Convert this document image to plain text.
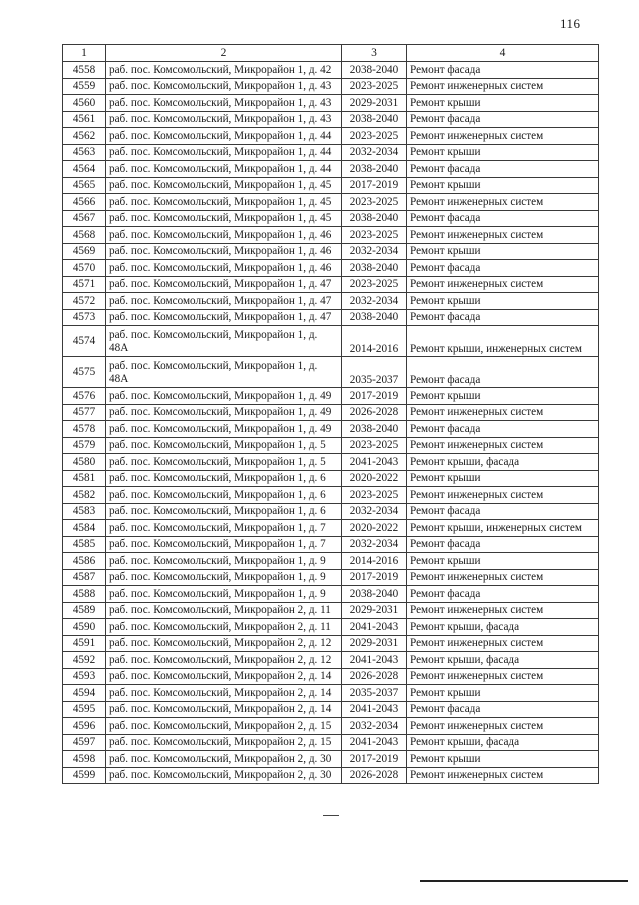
116
1	2	3	4
4558	раб. пос. Комсомольский, Микрорайон 1, д. 42	2038-2040	Ремонт фасада
4559	раб. пос. Комсомольский, Микрорайон 1, д. 43	2023-2025	Ремонт инженерных систем
4560	раб. пос. Комсомольский, Микрорайон 1, д. 43	2029-2031	Ремонт крыши
4561	раб. пос. Комсомольский, Микрорайон 1, д. 43	2038-2040	Ремонт фасада
4562	раб. пос. Комсомольский, Микрорайон 1, д. 44	2023-2025	Ремонт инженерных систем
4563	раб. пос. Комсомольский, Микрорайон 1, д. 44	2032-2034	Ремонт крыши
4564	раб. пос. Комсомольский, Микрорайон 1, д. 44	2038-2040	Ремонт фасада
4565	раб. пос. Комсомольский, Микрорайон 1, д. 45	2017-2019	Ремонт крыши
4566	раб. пос. Комсомольский, Микрорайон 1, д. 45	2023-2025	Ремонт инженерных систем
4567	раб. пос. Комсомольский, Микрорайон 1, д. 45	2038-2040	Ремонт фасада
4568	раб. пос. Комсомольский, Микрорайон 1, д. 46	2023-2025	Ремонт инженерных систем
4569	раб. пос. Комсомольский, Микрорайон 1, д. 46	2032-2034	Ремонт крыши
4570	раб. пос. Комсомольский, Микрорайон 1, д. 46	2038-2040	Ремонт фасада
4571	раб. пос. Комсомольский, Микрорайон 1, д. 47	2023-2025	Ремонт инженерных систем
4572	раб. пос. Комсомольский, Микрорайон 1, д. 47	2032-2034	Ремонт крыши
4573	раб. пос. Комсомольский, Микрорайон 1, д. 47	2038-2040	Ремонт фасада
4574	раб. пос. Комсомольский, Микрорайон 1, д. 48А	2014-2016	Ремонт крыши, инженерных систем
4575	раб. пос. Комсомольский, Микрорайон 1, д. 48А	2035-2037	Ремонт фасада
4576	раб. пос. Комсомольский, Микрорайон 1, д. 49	2017-2019	Ремонт крыши
4577	раб. пос. Комсомольский, Микрорайон 1, д. 49	2026-2028	Ремонт инженерных систем
4578	раб. пос. Комсомольский, Микрорайон 1, д. 49	2038-2040	Ремонт фасада
4579	раб. пос. Комсомольский, Микрорайон 1, д. 5	2023-2025	Ремонт инженерных систем
4580	раб. пос. Комсомольский, Микрорайон 1, д. 5	2041-2043	Ремонт крыши, фасада
4581	раб. пос. Комсомольский, Микрорайон 1, д. 6	2020-2022	Ремонт крыши
4582	раб. пос. Комсомольский, Микрорайон 1, д. 6	2023-2025	Ремонт инженерных систем
4583	раб. пос. Комсомольский, Микрорайон 1, д. 6	2032-2034	Ремонт фасада
4584	раб. пос. Комсомольский, Микрорайон 1, д. 7	2020-2022	Ремонт крыши, инженерных систем
4585	раб. пос. Комсомольский, Микрорайон 1, д. 7	2032-2034	Ремонт фасада
4586	раб. пос. Комсомольский, Микрорайон 1, д. 9	2014-2016	Ремонт крыши
4587	раб. пос. Комсомольский, Микрорайон 1, д. 9	2017-2019	Ремонт инженерных систем
4588	раб. пос. Комсомольский, Микрорайон 1, д. 9	2038-2040	Ремонт фасада
4589	раб. пос. Комсомольский, Микрорайон 2, д. 11	2029-2031	Ремонт инженерных систем
4590	раб. пос. Комсомольский, Микрорайон 2, д. 11	2041-2043	Ремонт крыши, фасада
4591	раб. пос. Комсомольский, Микрорайон 2, д. 12	2029-2031	Ремонт инженерных систем
4592	раб. пос. Комсомольский, Микрорайон 2, д. 12	2041-2043	Ремонт крыши, фасада
4593	раб. пос. Комсомольский, Микрорайон 2, д. 14	2026-2028	Ремонт инженерных систем
4594	раб. пос. Комсомольский, Микрорайон 2, д. 14	2035-2037	Ремонт крыши
4595	раб. пос. Комсомольский, Микрорайон 2, д. 14	2041-2043	Ремонт фасада
4596	раб. пос. Комсомольский, Микрорайон 2, д. 15	2032-2034	Ремонт инженерных систем
4597	раб. пос. Комсомольский, Микрорайон 2, д. 15	2041-2043	Ремонт крыши, фасада
4598	раб. пос. Комсомольский, Микрорайон 2, д. 30	2017-2019	Ремонт крыши
4599	раб. пос. Комсомольский, Микрорайон 2, д. 30	2026-2028	Ремонт инженерных систем
